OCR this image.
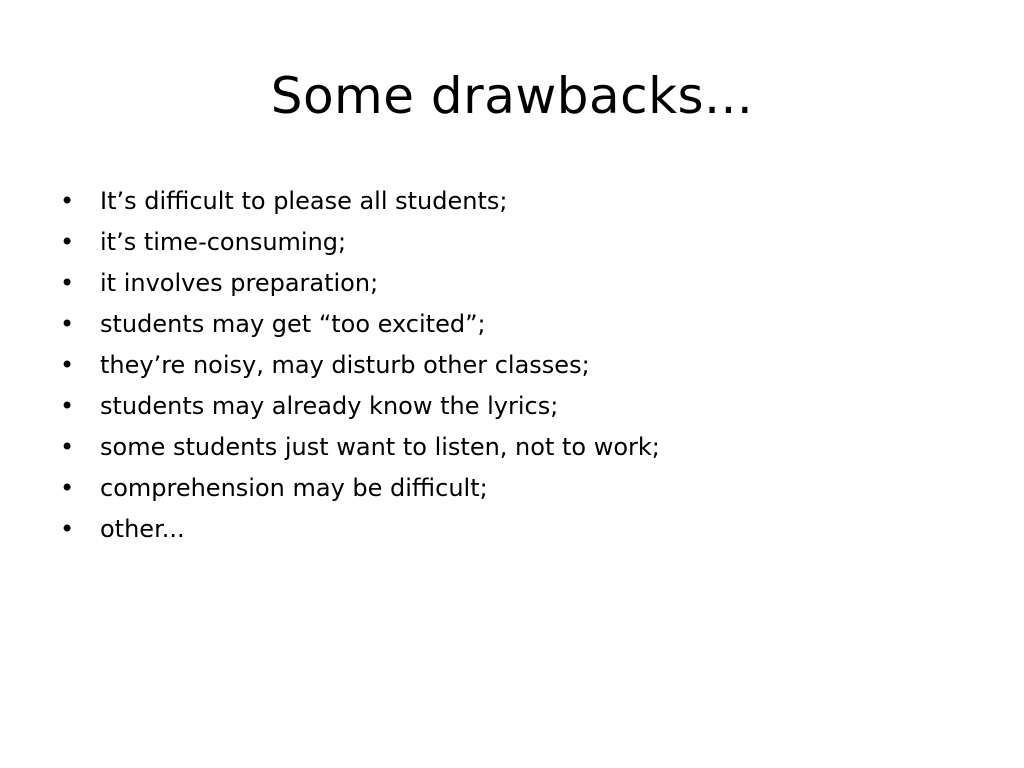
Some drawbacks...
•	It’s difficult to please all students;
•	it’s time-consuming;
•	it involves preparation;
•	students may get “too excited”;
•	they’re noisy, may disturb other classes;
•	students may already know the lyrics;
•	some students just want to listen, not to work;
•	comprehension may be difficult;
•	other...
